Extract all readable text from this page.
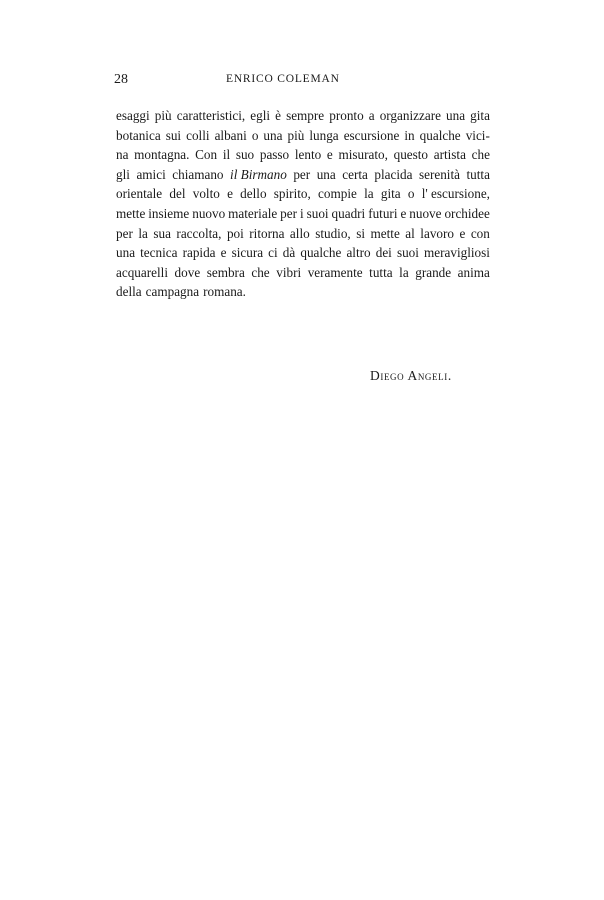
28	ENRICO COLEMAN
esaggi più caratteristici, egli è sempre pronto a organizzare una gita
botanica sui colli albani o una più lunga escursione in qualche vici-
na montagna. Con il suo passo lento e misurato, questo artista che
gli amici chiamano il Birmano per una certa placida serenità tutta
orientale del volto e dello spirito, compie la gita o l' escursione,
mette insieme nuovo materiale per i suoi quadri futuri e nuove orchidee
per la sua raccolta, poi ritorna allo studio, si mette al lavoro e con
una tecnica rapida e sicura ci dà qualche altro dei suoi meravigliosi
acquarelli dove sembra che vibri veramente tutta la grande anima
della campagna romana.
Diego Angeli.
